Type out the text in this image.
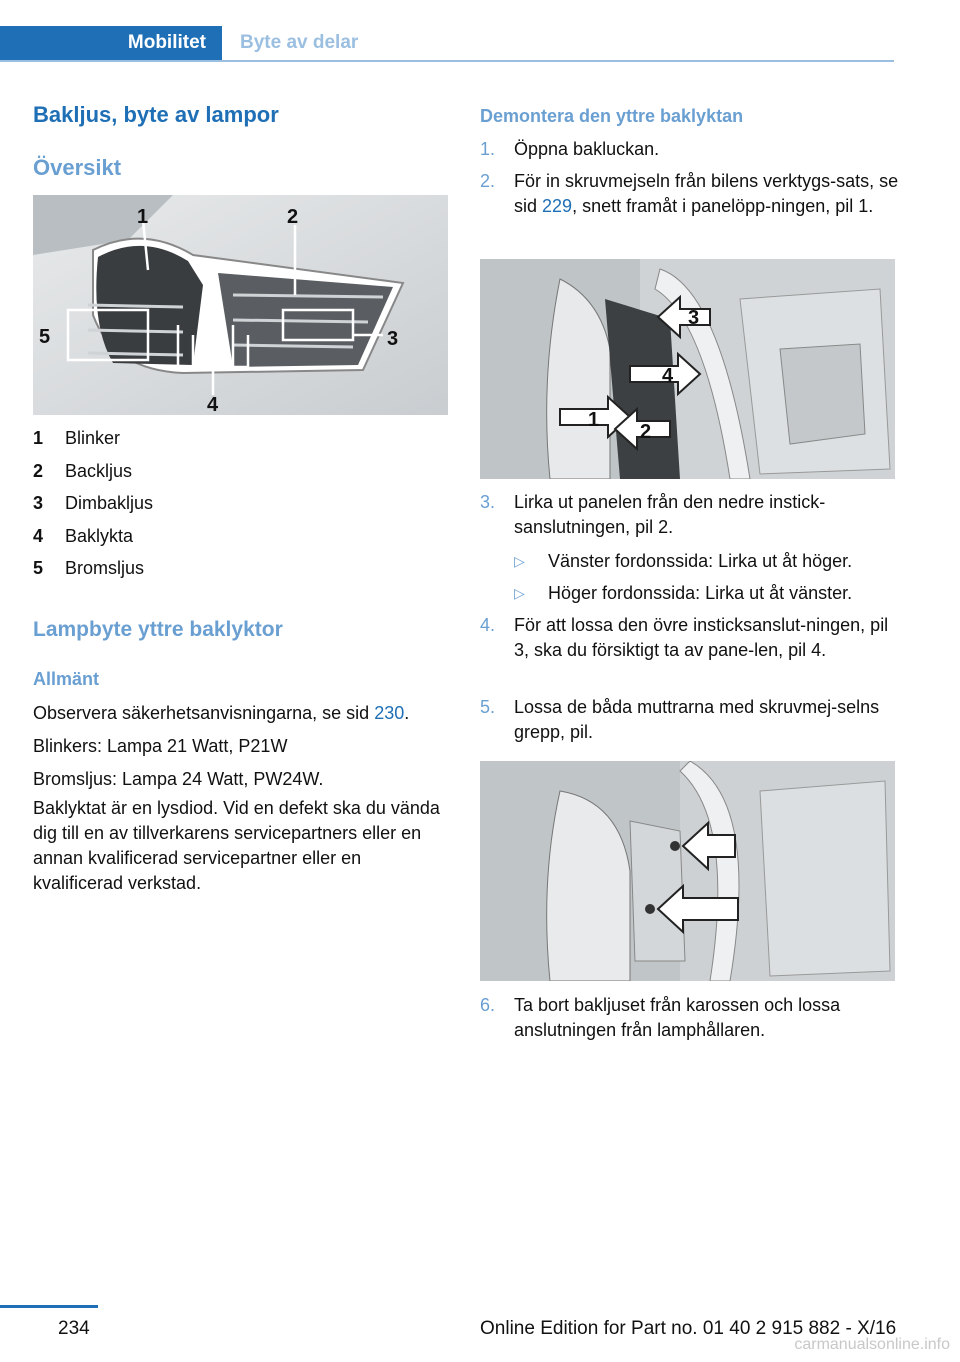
Mobilitet	Byte av delar
Bakljus, byte av lampor
Översikt
1	2
3
4
5
1	Blinker
2	Backljus
3	Dimbakljus
4	Baklykta
5	Bromsljus
Lampbyte yttre baklyktor
Allmänt

Observera säkerhetsanvisningarna, se sid 230.

Blinkers: Lampa 21 Watt, P21W

Bromsljus: Lampa 24 Watt, PW24W.

Baklyktat är en lysdiod. Vid en defekt ska du vända dig till en av tillverkarens servicepartners eller en annan kvalificerad servicepartner eller en kvalificerad verkstad.

Demontera den yttre baklyktan
1.	Öppna bakluckan.
2.	För in skruvmejseln från bilens verktygs-sats, se sid 229, snett framåt i panelöpp-ningen, pil 1.
3
4
1
2
3.	Lirka ut panelen från den nedre instick-sanslutningen, pil 2.
▷	Vänster fordonssida: Lirka ut åt höger.
▷	Höger fordonssida: Lirka ut åt vänster.
4.	För att lossa den övre insticksanslut-ningen, pil 3, ska du försiktigt ta av pane-len, pil 4.
5.	Lossa de båda muttrarna med skruvmej-selns grepp, pil.
6.	Ta bort bakljuset från karossen och lossa anslutningen från lamphållaren.
234	Online Edition for Part no. 01 40 2 915 882 - X/16
carmanualsonline.info
